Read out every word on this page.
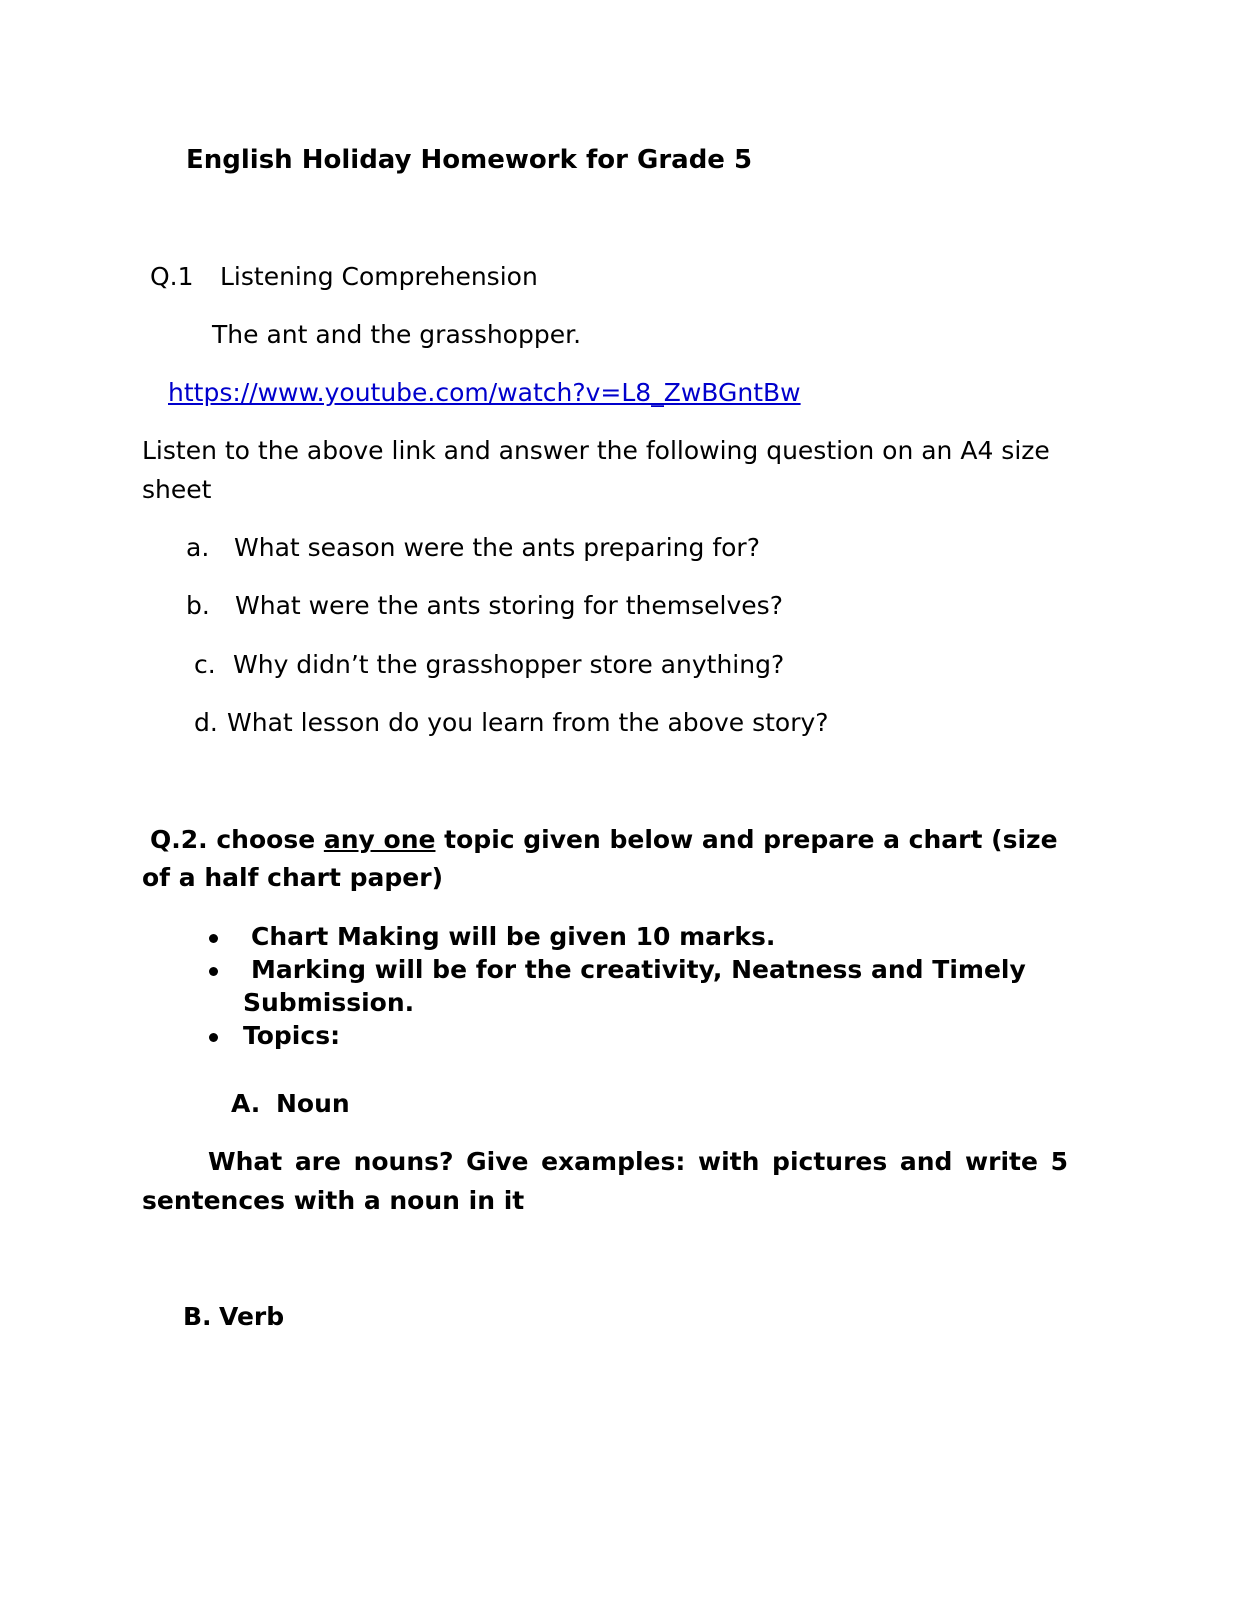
English Holiday Homework for Grade 5
Q.1 Listening Comprehension
The ant and the grasshopper.
https://www.youtube.com/watch?v=L8_ZwBGntBw
Listen to the above link and answer the following question on an A4 size
sheet
a. What season were the ants preparing for?
b. What were the ants storing for themselves?
c. Why didn’t the grasshopper store anything?
d. What lesson do you learn from the above story?
Q.2. choose any one topic given below and prepare a chart (size
of a half chart paper)
Chart Making will be given 10 marks.
Marking will be for the creativity, Neatness and Timely
Submission.
Topics:
A. Noun
What are nouns? Give examples: with pictures and write 5
sentences with a noun in it
B. Verb
